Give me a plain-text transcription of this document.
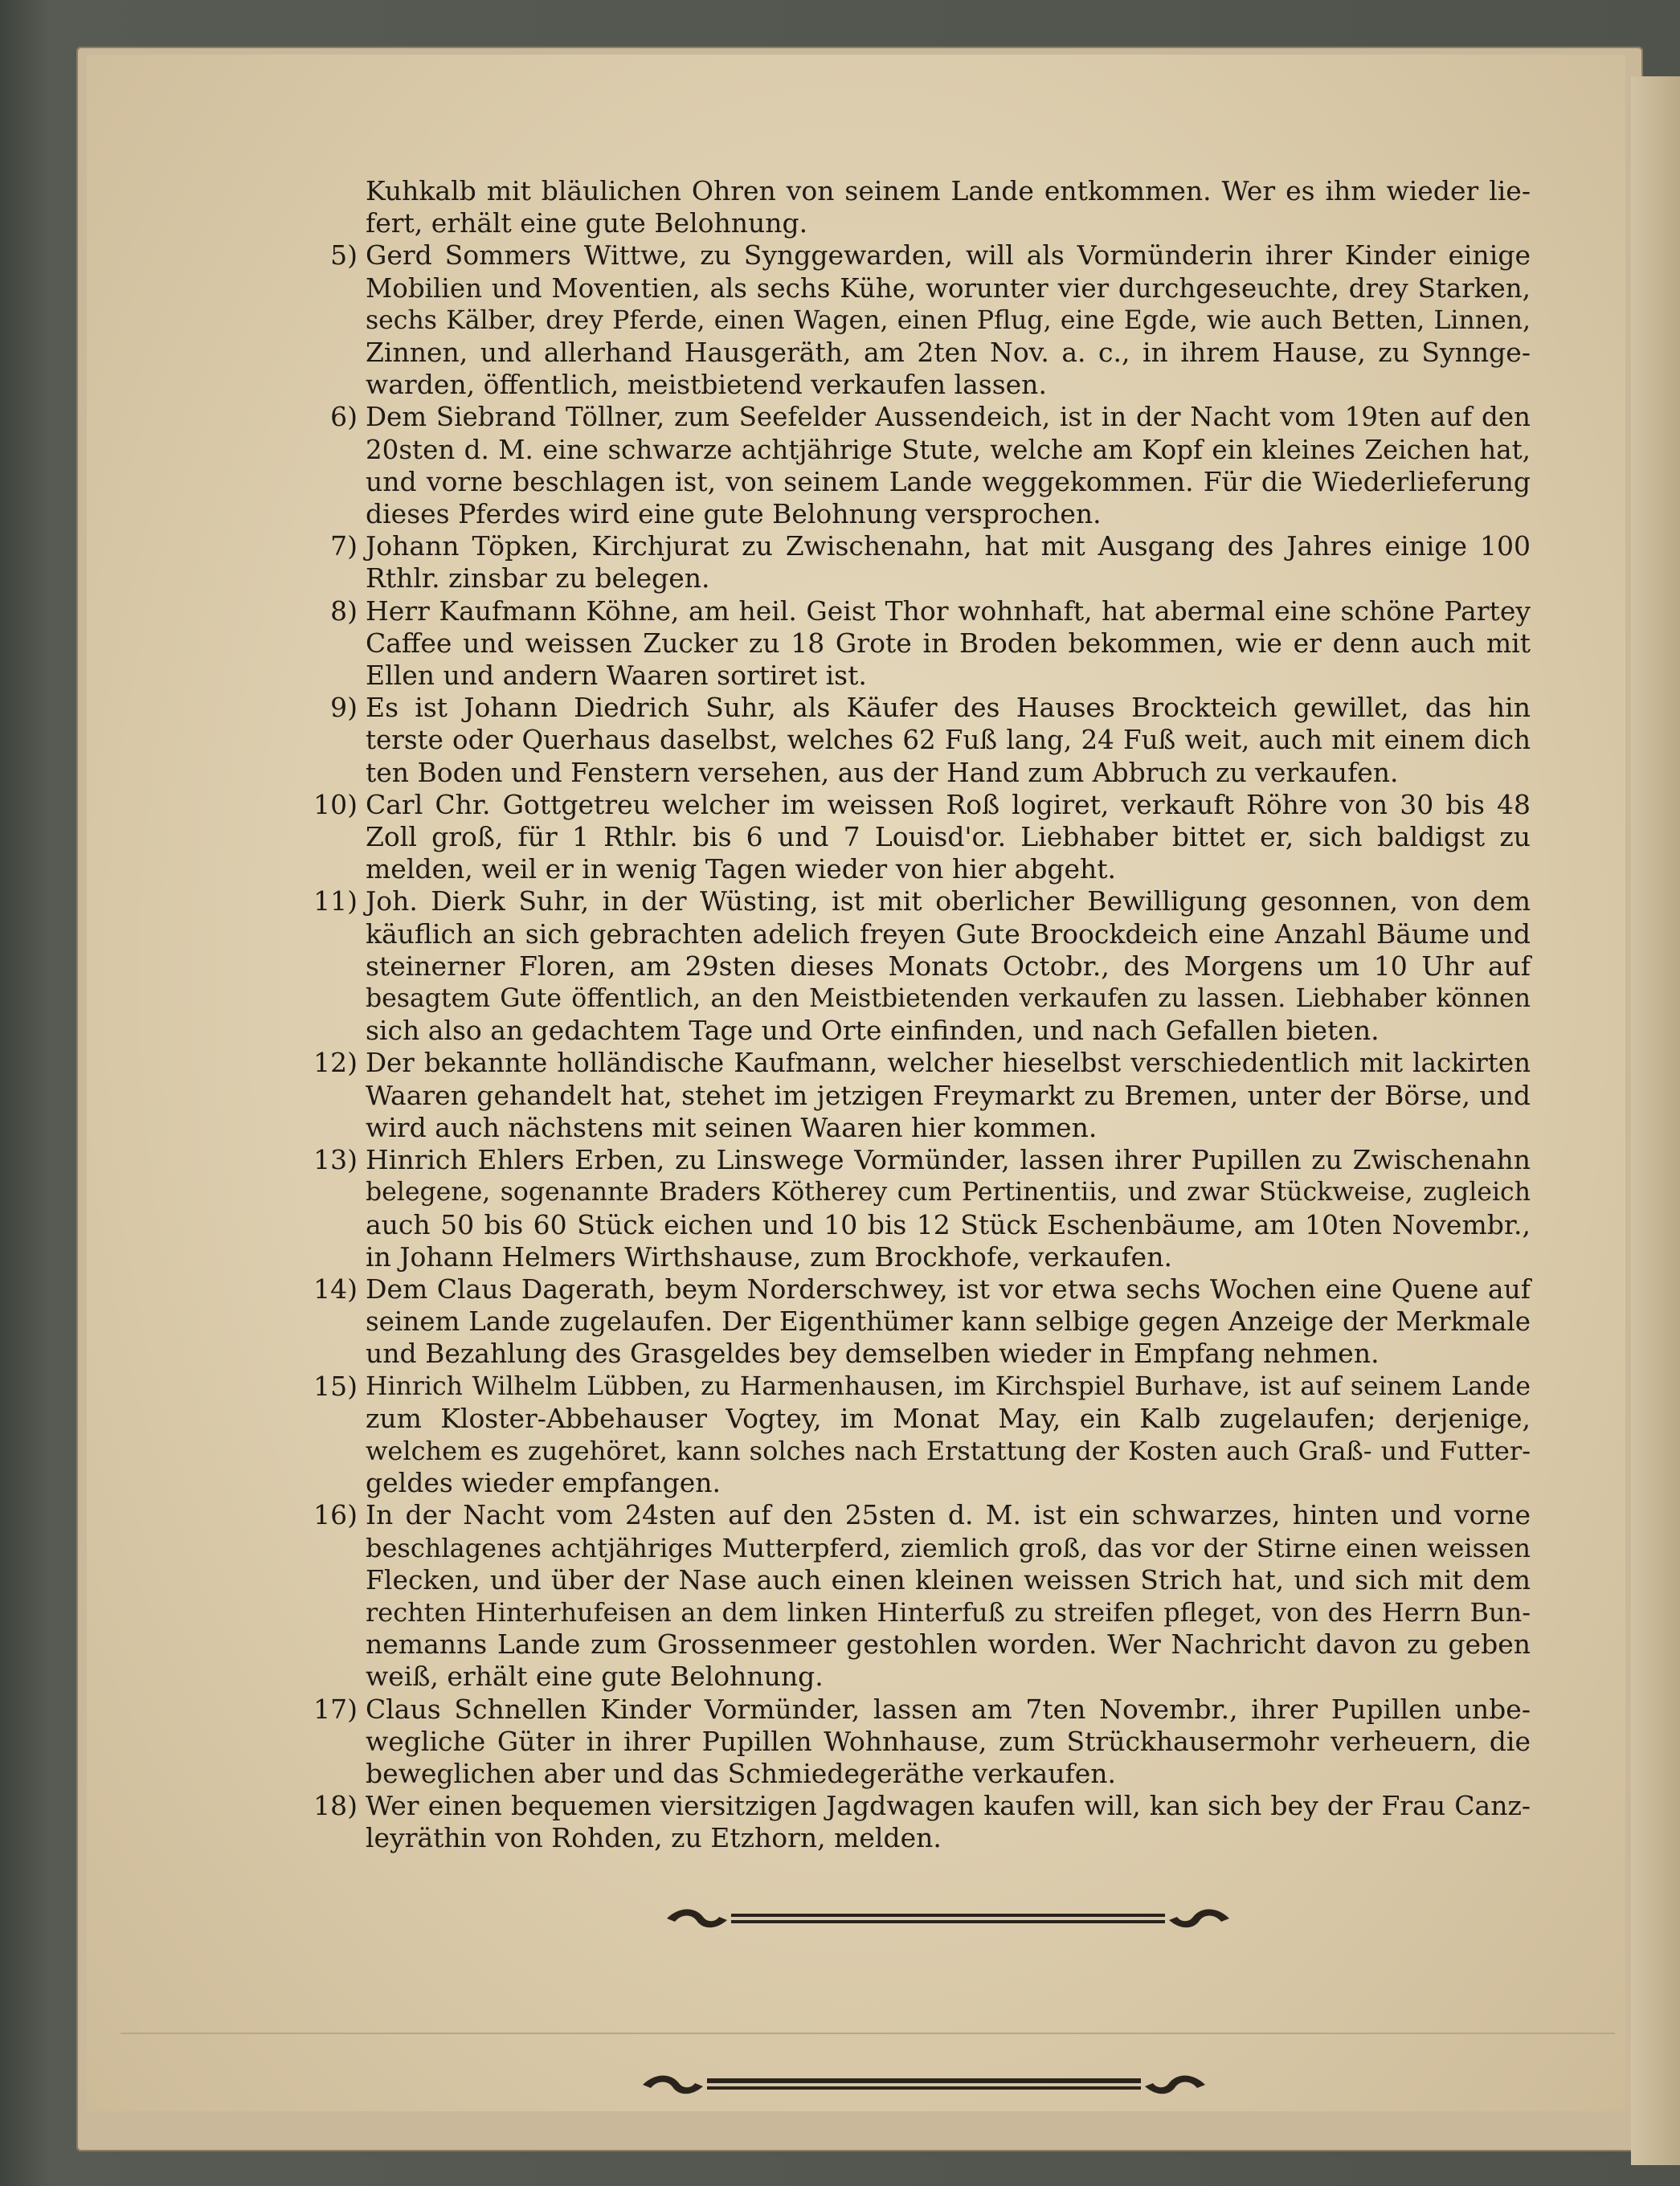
Kuhkalb mit bläulichen Ohren von seinem Lande entkommen. Wer es ihm wieder lie-
fert, erhält eine gute Belohnung.
5) Gerd Sommers Wittwe, zu Synggewarden, will als Vormünderin ihrer Kinder einige
Mobilien und Moventien, als sechs Kühe, worunter vier durchgeseuchte, drey Starken,
sechs Kälber, drey Pferde, einen Wagen, einen Pflug, eine Egde, wie auch Betten, Linnen,
Zinnen, und allerhand Hausgeräth, am 2ten Nov. a. c., in ihrem Hause, zu Synnge-
warden, öffentlich, meistbietend verkaufen lassen.
6) Dem Siebrand Töllner, zum Seefelder Aussendeich, ist in der Nacht vom 19ten auf den
20sten d. M. eine schwarze achtjährige Stute, welche am Kopf ein kleines Zeichen hat,
und vorne beschlagen ist, von seinem Lande weggekommen. Für die Wiederlieferung
dieses Pferdes wird eine gute Belohnung versprochen.
7) Johann Töpken, Kirchjurat zu Zwischenahn, hat mit Ausgang des Jahres einige 100
Rthlr. zinsbar zu belegen.
8) Herr Kaufmann Köhne, am heil. Geist Thor wohnhaft, hat abermal eine schöne Partey
Caffee und weissen Zucker zu 18 Grote in Broden bekommen, wie er denn auch mit
Ellen und andern Waaren sortiret ist.
9) Es ist Johann Diedrich Suhr, als Käufer des Hauses Brockteich gewillet, das hin
terste oder Querhaus daselbst, welches 62 Fuß lang, 24 Fuß weit, auch mit einem dich
ten Boden und Fenstern versehen, aus der Hand zum Abbruch zu verkaufen.
10) Carl Chr. Gottgetreu welcher im weissen Roß logiret, verkauft Röhre von 30 bis 48
Zoll groß, für 1 Rthlr. bis 6 und 7 Louisd'or. Liebhaber bittet er, sich baldigst zu
melden, weil er in wenig Tagen wieder von hier abgeht.
11) Joh. Dierk Suhr, in der Wüsting, ist mit oberlicher Bewilligung gesonnen, von dem
käuflich an sich gebrachten adelich freyen Gute Broockdeich eine Anzahl Bäume und
steinerner Floren, am 29sten dieses Monats Octobr., des Morgens um 10 Uhr auf
besagtem Gute öffentlich, an den Meistbietenden verkaufen zu lassen. Liebhaber können
sich also an gedachtem Tage und Orte einfinden, und nach Gefallen bieten.
12) Der bekannte holländische Kaufmann, welcher hieselbst verschiedentlich mit lackirten
Waaren gehandelt hat, stehet im jetzigen Freymarkt zu Bremen, unter der Börse, und
wird auch nächstens mit seinen Waaren hier kommen.
13) Hinrich Ehlers Erben, zu Linswege Vormünder, lassen ihrer Pupillen zu Zwischenahn
belegene, sogenannte Braders Kötherey cum Pertinentiis, und zwar Stückweise, zugleich
auch 50 bis 60 Stück eichen und 10 bis 12 Stück Eschenbäume, am 10ten Novembr.,
in Johann Helmers Wirthshause, zum Brockhofe, verkaufen.
14) Dem Claus Dagerath, beym Norderschwey, ist vor etwa sechs Wochen eine Quene auf
seinem Lande zugelaufen. Der Eigenthümer kann selbige gegen Anzeige der Merkmale
und Bezahlung des Grasgeldes bey demselben wieder in Empfang nehmen.
15) Hinrich Wilhelm Lübben, zu Harmenhausen, im Kirchspiel Burhave, ist auf seinem Lande
zum Kloster-Abbehauser Vogtey, im Monat May, ein Kalb zugelaufen; derjenige,
welchem es zugehöret, kann solches nach Erstattung der Kosten auch Graß- und Futter-
geldes wieder empfangen.
16) In der Nacht vom 24sten auf den 25sten d. M. ist ein schwarzes, hinten und vorne
beschlagenes achtjähriges Mutterpferd, ziemlich groß, das vor der Stirne einen weissen
Flecken, und über der Nase auch einen kleinen weissen Strich hat, und sich mit dem
rechten Hinterhufeisen an dem linken Hinterfuß zu streifen pfleget, von des Herrn Bun-
nemanns Lande zum Grossenmeer gestohlen worden. Wer Nachricht davon zu geben
weiß, erhält eine gute Belohnung.
17) Claus Schnellen Kinder Vormünder, lassen am 7ten Novembr., ihrer Pupillen unbe-
wegliche Güter in ihrer Pupillen Wohnhause, zum Strückhausermohr verheuern, die
beweglichen aber und das Schmiedegeräthe verkaufen.
18) Wer einen bequemen viersitzigen Jagdwagen kaufen will, kan sich bey der Frau Canz-
leyräthin von Rohden, zu Etzhorn, melden.
